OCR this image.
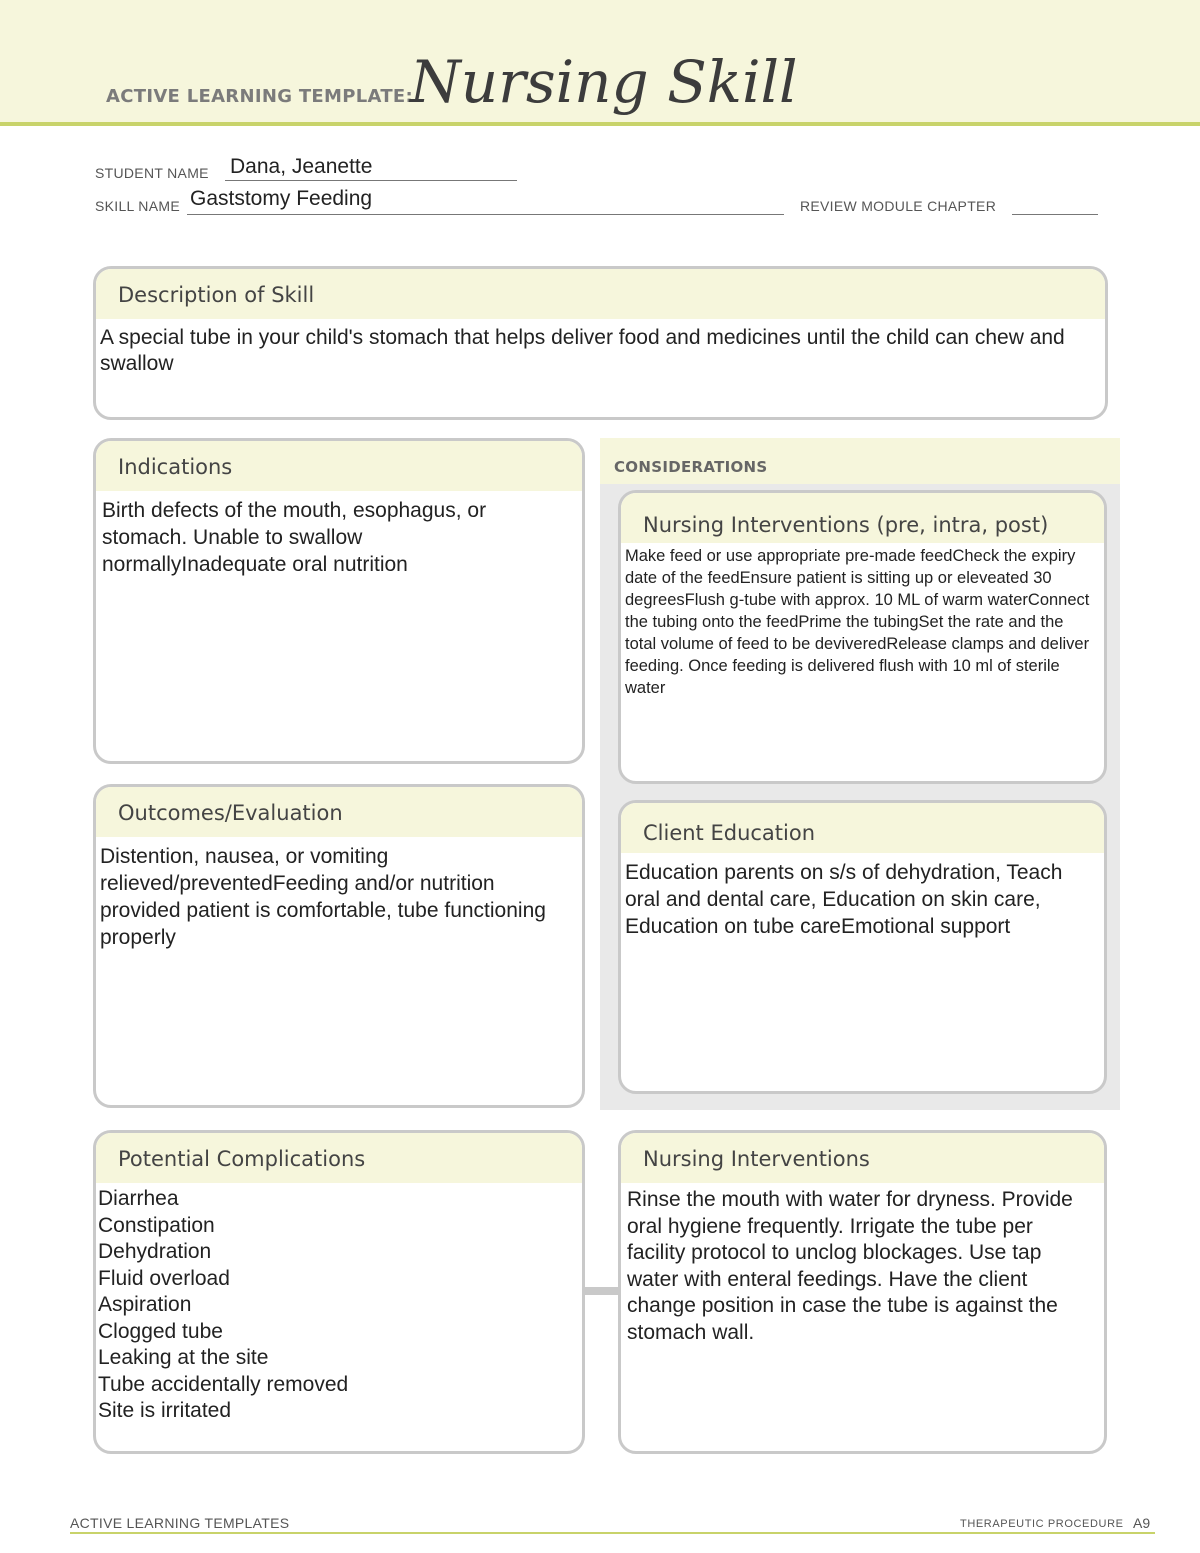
ACTIVE LEARNING TEMPLATE:
Nursing Skill
STUDENT NAME Dana, Jeanette
SKILL NAME Gaststomy Feeding	REVIEW MODULE CHAPTER
Description of Skill
A special tube in your child's stomach that helps deliver food and medicines until the child can chew and swallow
CONSIDERATIONS
Indications
Birth defects of the mouth, esophagus, or stomach. Unable to swallow normallyInadequate oral nutrition
Nursing Interventions (pre, intra, post)
Make feed or use appropriate pre-made feedCheck the expiry date of the feedEnsure patient is sitting up or eleveated 30 degreesFlush g-tube with approx. 10 ML of warm waterConnect the tubing onto the feedPrime the tubingSet the rate and the total volume of feed to be deviveredRelease clamps and deliver feeding. Once feeding is delivered flush with 10 ml of sterile water
Outcomes/Evaluation
Distention, nausea, or vomiting relieved/preventedFeeding and/or nutrition provided patient is comfortable, tube functioning properly
Client Education
Education parents on s/s of dehydration, Teach oral and dental care, Education on skin care, Education on tube careEmotional support
Potential Complications
Diarrhea
Constipation
Dehydration
Fluid overload
Aspiration
Clogged tube
Leaking at the site
Tube accidentally removed
Site is irritated
Nursing Interventions
Rinse the mouth with water for dryness. Provide oral hygiene frequently. Irrigate the tube per facility protocol to unclog blockages. Use tap water with enteral feedings. Have the client change position in case the tube is against the stomach wall.
ACTIVE LEARNING TEMPLATES	THERAPEUTIC PROCEDURE A9
